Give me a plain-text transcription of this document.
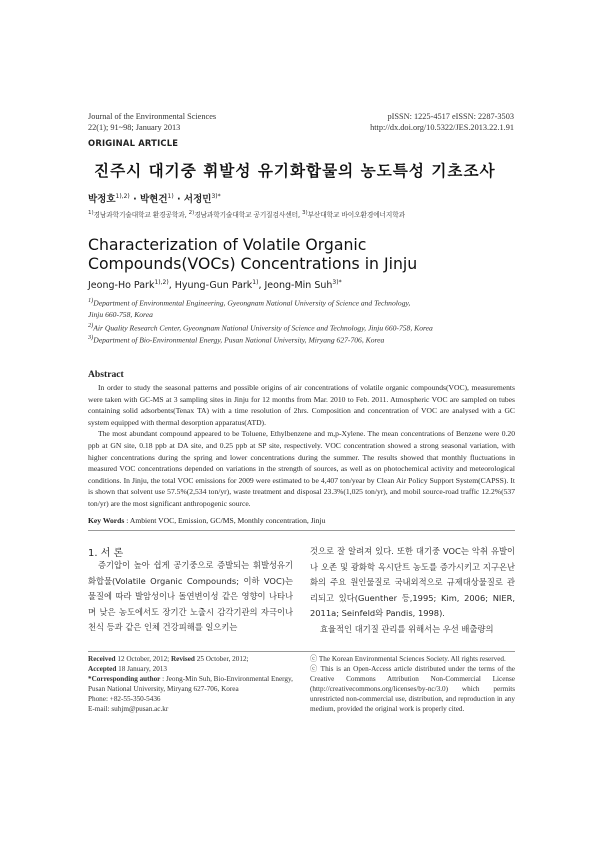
Journal of the Environmental Sciences
22(1); 91~98; January 2013
pISSN: 1225-4517 eISSN: 2287-3503
http://dx.doi.org/10.5322/JES.2013.22.1.91
ORIGINAL ARTICLE
진주시 대기중 휘발성 유기화합물의 농도특성 기초조사
박정호$^{1),2)}$ · 박현건$^{1)}$ · 서정민$^{3)*}$
$^{1)}$경남과학기술대학교 환경공학과, $^{2)}$경남과학기술대학교 공기질검사센터, $^{3)}$부산대학교 바이오환경에너지학과
Characterization of Volatile Organic Compounds(VOCs) Concentrations in Jinju
Jeong-Ho Park$^{1),2)}$, Hyung-Gun Park$^{1)}$, Jeong-Min Suh$^{3)*}$
$^{1)}$Department of Environmental Engineering, Gyeongnam National University of Science and Technology,
Jinju 660-758, Korea
$^{2)}$Air Quality Research Center, Gyeongnam National University of Science and Technology, Jinju 660-758, Korea
$^{3)}$Department of Bio-Environmental Energy, Pusan National University, Miryang 627-706, Korea
Abstract

In order to study the seasonal patterns and possible origins of air concentrations of volatile organic compounds(VOC), measurements were taken with GC-MS at 3 sampling sites in Jinju for 12 months from Mar. 2010 to Feb. 2011. Atmospheric VOC are sampled on tubes containing solid adsorbents(Tenax TA) with a time resolution of 2hrs. Composition and concentration of VOC are analysed with a GC system equipped with thermal desorption apparatus(ATD).

The most abundant compound appeared to be Toluene, Ethylbenzene and m,p-Xylene. The mean concentrations of Benzene were 0.20 ppb at GN site, 0.18 ppb at DA site, and 0.25 ppb at SP site, respectively. VOC concentration showed a strong seasonal variation, with higher concentrations during the spring and lower concentrations during the summer. The results showed that monthly fluctuations in measured VOC concentrations depended on variations in the strength of sources, as well as on photochemical activity and meteorological conditions. In Jinju, the total VOC emissions for 2009 were estimated to be 4,407 ton/year by Clean Air Policy Support System(CAPSS). It is shown that solvent use 57.5%(2,534 ton/yr), waste treatment and disposal 23.3%(1,025 ton/yr), and mobil source-road traffic 12.2%(537 ton/yr) are the most significant anthropogenic source.

Key Words : Ambient VOC, Emission, GC/MS, Monthly concentration, Jinju
1. 서 론

증기압이 높아 쉽게 공기중으로 증발되는 휘발성유기화합물(Volatile Organic Compounds; 이하 VOC)는 물질에 따라 발암성이나 돌연변이성 같은 영향이 나타나며 낮은 농도에서도 장기간 노출시 감각기관의 자극이나 천식 등과 같은 인체 건강피해를 일으키는

것으로 잘 알려져 있다. 또한 대기중 VOC는 악취 유발이나 오존 및 광화학 옥시단트 농도를 증가시키고 지구온난화의 주요 원인물질로 국내외적으로 규제대상물질로 관리되고 있다(Guenther 등,1995; Kim, 2006; NIER, 2011a; Seinfeld와 Pandis, 1998).

효율적인 대기질 관리를 위해서는 우선 배출량의

Received 12 October, 2012; Revised 25 October, 2012;
Accepted 18 January, 2013
*Corresponding author : Jeong-Min Suh, Bio-Environmental Energy, Pusan National University, Miryang 627-706, Korea
Phone: +82-55-350-5436
E-mail: suhjm@pusan.ac.kr
ⓒ The Korean Environmental Sciences Society. All rights reserved.
ⓒ This is an Open-Access article distributed under the terms of the Creative Commons Attribution Non-Commercial License (http://creativecommons.org/licenses/by-nc/3.0) which permits unrestricted non-commercial use, distribution, and reproduction in any medium, provided the original work is properly cited.
